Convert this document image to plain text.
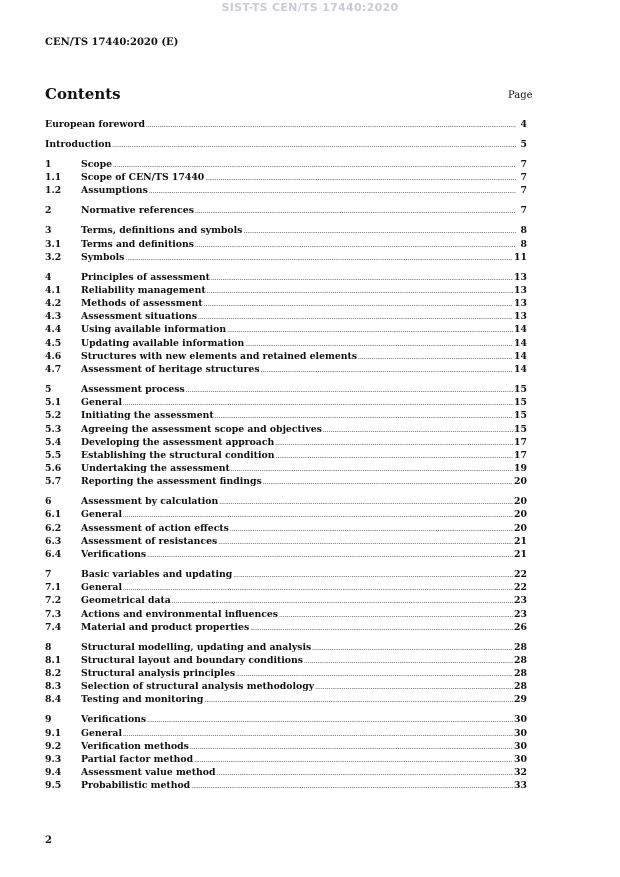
SIST-TS CEN/TS 17440:2020
CEN/TS 17440:2020 (E)
Contents	Page
European foreword .....	4
Introduction .....	5
1	Scope .....	7
1.1	Scope of CEN/TS 17440 .....	7
1.2	Assumptions .....	7
2	Normative references .....	7
3	Terms, definitions and symbols .....	8
3.1	Terms and definitions .....	8
3.2	Symbols .....	11
4	Principles of assessment .....	13
4.1	Reliability management .....	13
4.2	Methods of assessment .....	13
4.3	Assessment situations .....	13
4.4	Using available information .....	14
4.5	Updating available information .....	14
4.6	Structures with new elements and retained elements .....	14
4.7	Assessment of heritage structures .....	14
5	Assessment process .....	15
5.1	General .....	15
5.2	Initiating the assessment .....	15
5.3	Agreeing the assessment scope and objectives .....	15
5.4	Developing the assessment approach .....	17
5.5	Establishing the structural condition .....	17
5.6	Undertaking the assessment .....	19
5.7	Reporting the assessment findings .....	20
6	Assessment by calculation .....	20
6.1	General .....	20
6.2	Assessment of action effects .....	20
6.3	Assessment of resistances .....	21
6.4	Verifications .....	21
7	Basic variables and updating .....	22
7.1	General .....	22
7.2	Geometrical data .....	23
7.3	Actions and environmental influences .....	23
7.4	Material and product properties .....	26
8	Structural modelling, updating and analysis .....	28
8.1	Structural layout and boundary conditions .....	28
8.2	Structural analysis principles .....	28
8.3	Selection of structural analysis methodology .....	28
8.4	Testing and monitoring .....	29
9	Verifications .....	30
9.1	General .....	30
9.2	Verification methods .....	30
9.3	Partial factor method .....	30
9.4	Assessment value method .....	32
9.5	Probabilistic method .....	33
2
